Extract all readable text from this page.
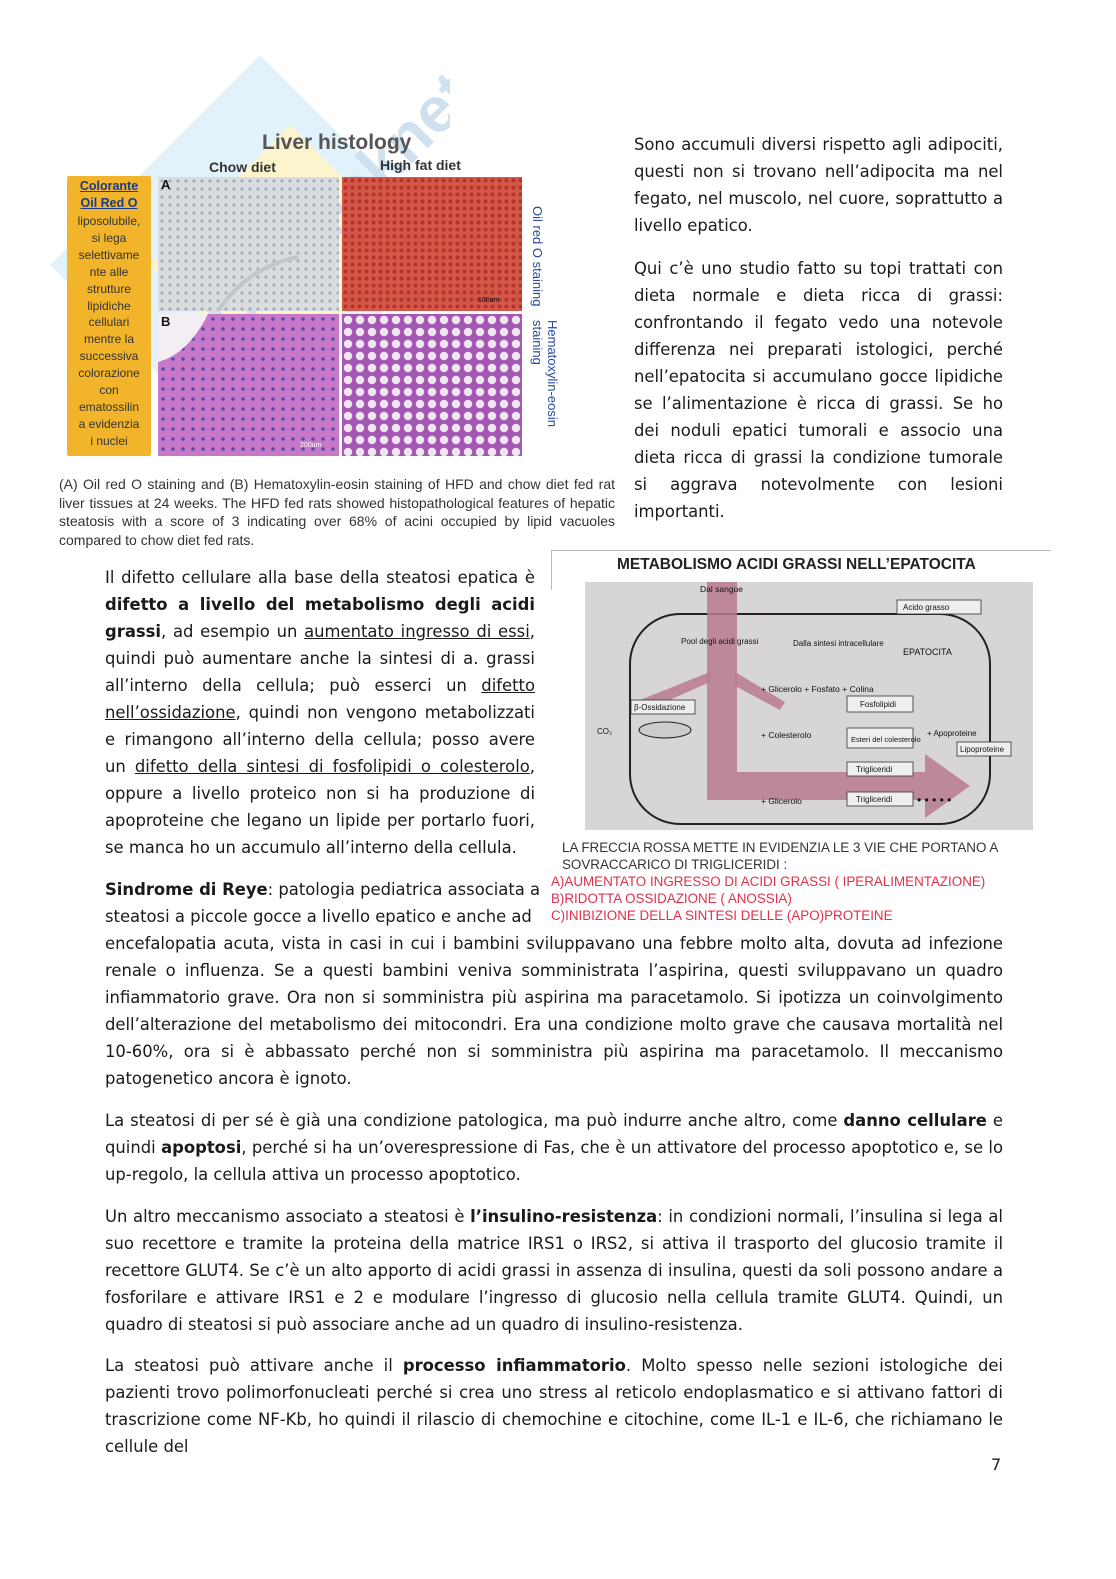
Liver histology
Chow diet	High fat diet
Colorante
Oil Red O
liposolubile,
si lega
selettivame
nte alle
strutture
lipidiche
cellulari
mentre la
successiva
colorazione
con
ematossilin
a evidenzia
i nuclei
A
100um
B
200um
Oil red O staining
Hematoxylin-eosin staining

(A) Oil red O staining and (B) Hematoxylin-eosin staining of HFD and chow diet fed rat liver tissues at 24 weeks. The HFD fed rats showed histopathological features of hepatic steatosis with a score of 3 indicating over 68% of acini occupied by lipid vacuoles compared to chow diet fed rats.

Sono accumuli diversi rispetto agli adipociti, questi non si trovano nell’adipocita ma nel fegato, nel muscolo, nel cuore, soprattutto a livello epatico.

Qui c’è uno studio fatto su topi trattati con dieta normale e dieta ricca di grassi: confrontando il fegato vedo una notevole differenza nei preparati istologici, perché nell’epatocita si accumulano gocce lipidiche se l’alimentazione è ricca di grassi. Se ho dei noduli epatici tumorali e associo una dieta ricca di grassi la condizione tumorale si aggrava notevolmente con lesioni importanti.

METABOLISMO ACIDI GRASSI NELL’EPATOCITA
Dal sangue
Acido grasso
Pool degli acidi grassi	Dalla sintesi intracellulare
EPATOCITA
+ Glicerolo + Fosfato + Colina
β-Ossidazione
CO₂	+ Colesterolo
Fosfolipidi
Esteri del colesterolo
Trigliceridi
Trigliceridi
+ Apoproteine
Lipoproteine
+ Glicerolo	• • • • •
LA FRECCIA ROSSA METTE IN EVIDENZIA LE 3 VIE CHE PORTANO A SOVRACCARICO DI TRIGLICERIDI :
A)AUMENTATO INGRESSO DI ACIDI GRASSI ( IPERALIMENTAZIONE)
B)RIDOTTA OSSIDAZIONE ( ANOSSIA)
C)INIBIZIONE DELLA SINTESI DELLE (APO)PROTEINE

Il difetto cellulare alla base della steatosi epatica è difetto a livello del metabolismo degli acidi grassi, ad esempio un aumentato ingresso di essi, quindi può aumentare anche la sintesi di a. grassi all’interno della cellula; può esserci un difetto nell’ossidazione, quindi non vengono metabolizzati e rimangono all’interno della cellula; posso avere un difetto della sintesi di fosfolipidi o colesterolo, oppure a livello proteico non si ha produzione di apoproteine che legano un lipide per portarlo fuori, se manca ho un accumulo all’interno della cellula.

Sindrome di Reye: patologia pediatrica associata a
steatosi a piccole gocce a livello epatico e anche ad

encefalopatia acuta, vista in casi in cui i bambini sviluppavano una febbre molto alta, dovuta ad infezione renale o influenza. Se a questi bambini veniva somministrata l’aspirina, questi sviluppavano un quadro infiammatorio grave. Ora non si somministra più aspirina ma paracetamolo. Si ipotizza un coinvolgimento dell’alterazione del metabolismo dei mitocondri. Era una condizione molto grave che causava mortalità nel 10-60%, ora si è abbassato perché non si somministra più aspirina ma paracetamolo. Il meccanismo patogenetico ancora è ignoto.

La steatosi di per sé è già una condizione patologica, ma può indurre anche altro, come danno cellulare e quindi apoptosi, perché si ha un’overespressione di Fas, che è un attivatore del processo apoptotico e, se lo up-regolo, la cellula attiva un processo apoptotico.

Un altro meccanismo associato a steatosi è l’insulino-resistenza: in condizioni normali, l’insulina si lega al suo recettore e tramite la proteina della matrice IRS1 o IRS2, si attiva il trasporto del glucosio tramite il recettore GLUT4. Se c’è un alto apporto di acidi grassi in assenza di insulina, questi da soli possono andare a fosforilare e attivare IRS1 e 2 e modulare l’ingresso di glucosio nella cellula tramite GLUT4. Quindi, un quadro di steatosi si può associare anche ad un quadro di insulino-resistenza.

La steatosi può attivare anche il processo infiammatorio. Molto spesso nelle sezioni istologiche dei pazienti trovo polimorfonucleati perché si crea uno stress al reticolo endoplasmatico e si attivano fattori di trascrizione come NF-Kb, ho quindi il rilascio di chemochine e citochine, come IL-1 e IL-6, che richiamano le cellule del

7
